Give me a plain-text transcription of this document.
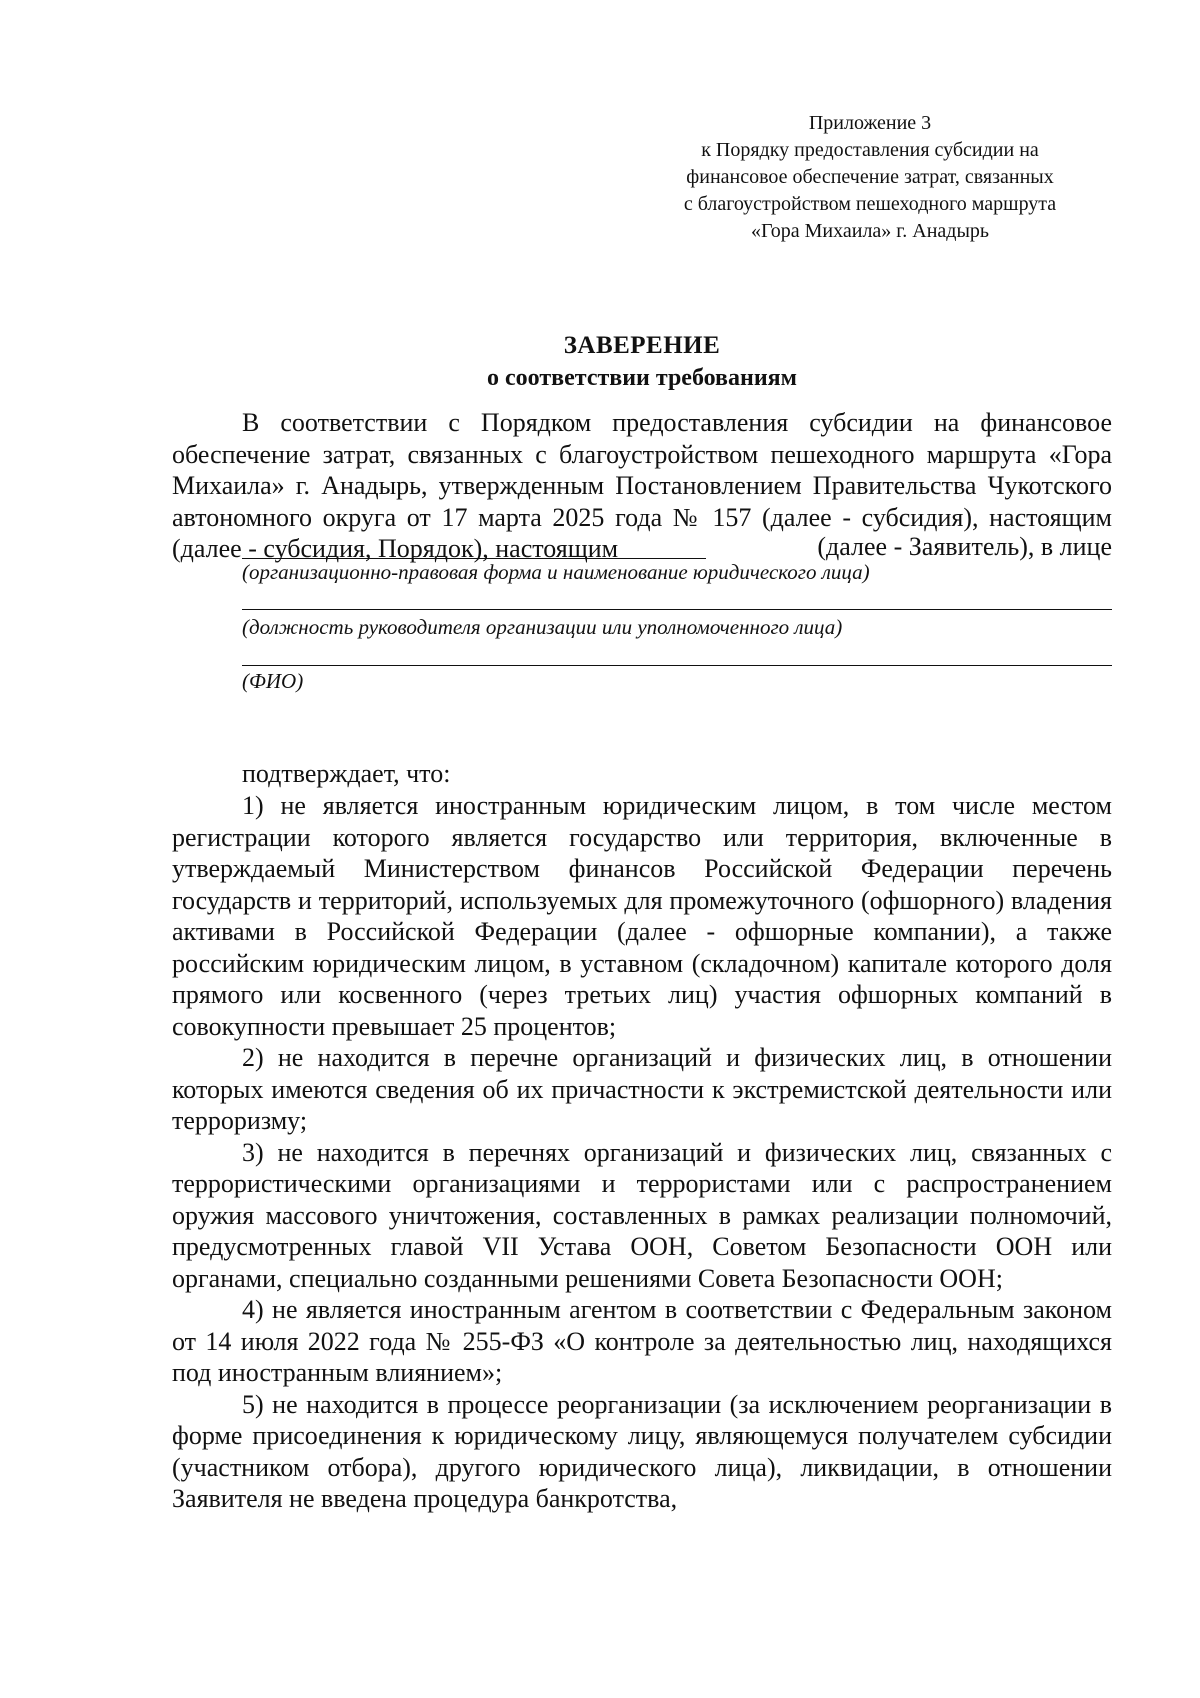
Приложение 3
к Порядку предоставления субсидии на
финансовое обеспечение затрат, связанных
с благоустройством пешеходного маршрута
«Гора Михаила» г. Анадырь
ЗАВЕРЕНИЕ
о соответствии требованиям

В соответствии с Порядком предоставления субсидии на финансовое обеспечение затрат, связанных с благоустройством пешеходного маршрута «Гора Михаила» г. Анадырь, утвержденным Постановлением Правительства Чукотского автономного округа от 17 марта 2025 года № 157 (далее - субсидия), настоящим (далее - субсидия, Порядок), настоящим	(далее - Заявитель), в лице
(организационно-правовая форма и наименование юридического лица)
(должность руководителя организации или уполномоченного лица)
(ФИО)
подтверждает, что:

1) не является иностранным юридическим лицом, в том числе местом регистрации которого является государство или территория, включенные в утверждаемый Министерством финансов Российской Федерации перечень государств и территорий, используемых для промежуточного (офшорного) владения активами в Российской Федерации (далее - офшорные компании), а также российским юридическим лицом, в уставном (складочном) капитале которого доля прямого или косвенного (через третьих лиц) участия офшорных компаний в совокупности превышает 25 процентов;

2) не находится в перечне организаций и физических лиц, в отношении которых имеются сведения об их причастности к экстремистской деятельности или терроризму;

3) не находится в перечнях организаций и физических лиц, связанных с террористическими организациями и террористами или с распространением оружия массового уничтожения, составленных в рамках реализации полномочий, предусмотренных главой VII Устава ООН, Советом Безопасности ООН или органами, специально созданными решениями Совета Безопасности ООН;

4) не является иностранным агентом в соответствии с Федеральным законом от 14 июля 2022 года № 255-ФЗ «О контроле за деятельностью лиц, находящихся под иностранным влиянием»;

5) не находится в процессе реорганизации (за исключением реорганизации в форме присоединения к юридическому лицу, являющемуся получателем субсидии (участником отбора), другого юридического лица), ликвидации, в отношении Заявителя не введена процедура банкротства,
